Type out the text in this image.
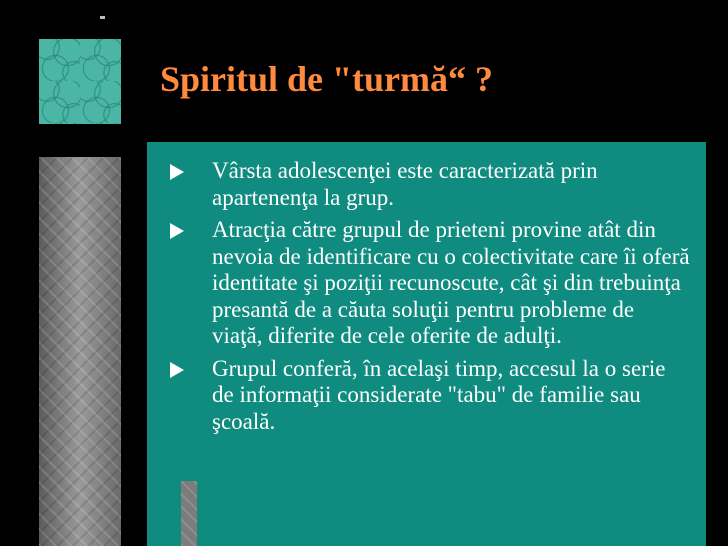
Spiritul de "turmă“ ?
Vârsta adolescenţei este caracterizată prin apartenenţa la grup.
Atracţia către grupul de prieteni provine atât din nevoia de identificare cu o colectivitate care îi oferă identitate şi poziţii recunoscute, cât şi din trebuinţa presantă de a căuta soluţii pentru probleme de viaţă, diferite de cele oferite de adulţi.
Grupul conferă, în acelaşi timp, accesul la o serie de informaţii considerate "tabu" de familie sau şcoală.
